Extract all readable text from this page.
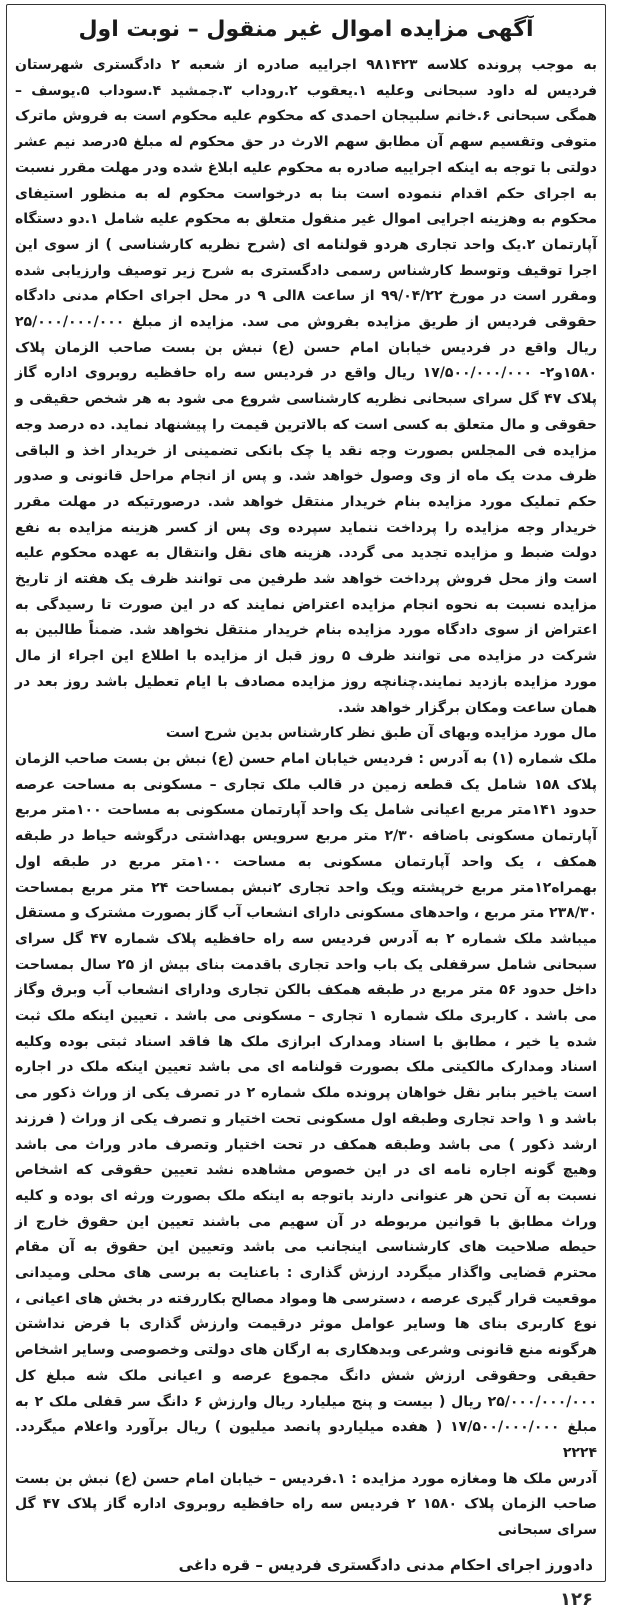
آگهی مزایده اموال غیر منقول – نوبت اول

به موجب پرونده کلاسه ۹۸۱۴۲۳ اجراییه صادره از شعبه ۲ دادگستری شهرستان فردیس له داود سبحانی وعلیه ۱.یعقوب ۲.روداب ۳.جمشید ۴.سوداب ۵.یوسف – همگی سبحانی ۶.خانم سلبیجان احمدی که محکوم علیه محکوم است به فروش ماترک متوفی وتقسیم سهم آن مطابق سهم الارث در حق محکوم له مبلغ ۵درصد نیم عشر دولتی با توجه به اینکه اجراییه صادره به محکوم علیه ابلاغ شده ودر مهلت مقرر نسبت به اجرای حکم اقدام ننموده است بنا به درخواست محکوم له به منظور استیفای محکوم به وهزینه اجرایی اموال غیر منقول متعلق به محکوم علیه شامل ۱.دو دستگاه آپارتمان ۲.یک واحد تجاری هردو قولنامه ای (شرح نظریه کارشناسی ) از سوی این اجرا توقیف وتوسط کارشناس رسمی دادگستری به شرح زیر توصیف وارزیابی شده ومقرر است در مورخ ۹۹/۰۴/۲۲ از ساعت ۸الی ۹ در محل اجرای احکام مدنی دادگاه حقوقی فردیس از طریق مزایده بفروش می سد. مزایده از مبلغ ۲۵/۰۰۰/۰۰۰/۰۰۰ ریال واقع در فردیس خیابان امام حسن (ع) نبش بن بست صاحب الزمان پلاک ۱۵۸۰و۲- ۱۷/۵۰۰/۰۰۰/۰۰۰ ریال واقع در فردیس سه راه حافظیه روبروی اداره گاز پلاک ۴۷ گل سرای سبحانی نظریه کارشناسی شروع می شود به هر شخص حقیقی و حقوقی و مال متعلق به کسی است که بالاترین قیمت را پیشنهاد نماید. ده درصد وجه مزایده فی المجلس بصورت وجه نقد یا چک بانکی تضمینی از خریدار اخذ و الباقی ظرف مدت یک ماه از وی وصول خواهد شد. و پس از انجام مراحل قانونی و صدور حکم تملیک مورد مزایده بنام خریدار منتقل خواهد شد. درصورتیکه در مهلت مقرر خریدار وجه مزایده را پرداخت ننماید سپرده وی پس از کسر هزینه مزایده به نفع دولت ضبط و مزایده تجدید می گردد. هزینه های نقل وانتقال به عهده محکوم علیه است واز محل فروش پرداخت خواهد شد طرفین می توانند ظرف یک هفته از تاریخ مزایده نسبت به نحوه انجام مزایده اعتراض نمایند که در این صورت تا رسیدگی به اعتراض از سوی دادگاه مورد مزایده بنام خریدار منتقل نخواهد شد. ضمناً طالبین به شرکت در مزایده می توانند ظرف ۵ روز قبل از مزایده با اطلاع این اجراء از مال مورد مزایده بازدید نمایند.چنانچه روز مزایده مصادف با ایام تعطیل باشد روز بعد در همان ساعت ومکان برگزار خواهد شد.

مال مورد مزایده وبهای آن طبق نظر کارشناس بدین شرح است

ملک شماره (۱) به آدرس : فردیس خیابان امام حسن (ع) نبش بن بست صاحب الزمان پلاک ۱۵۸ شامل یک قطعه زمین در قالب ملک تجاری – مسکونی به مساحت عرصه حدود ۱۴۱متر مربع اعیانی شامل یک واحد آپارتمان مسکونی به مساحت ۱۰۰متر مربع آپارتمان مسکونی باضافه ۲/۳۰ متر مربع سرویس بهداشتی درگوشه حیاط در طبقه همکف ، یک واحد آپارتمان مسکونی به مساحت ۱۰۰متر مربع در طبقه اول بهمراه۱۲متر مربع خرپشته ویک واحد تجاری ۲نبش بمساحت ۲۴ متر مربع بمساحت ۲۳۸/۳۰ متر مربع ، واحدهای مسکونی دارای انشعاب آب گاز بصورت مشترک و مستقل میباشد ملک شماره ۲ به آدرس فردیس سه راه حافظیه پلاک شماره ۴۷ گل سرای سبحانی شامل سرقفلی یک باب واحد تجاری باقدمت بنای بیش از ۲۵ سال بمساحت داخل حدود ۵۶ متر مربع در طبقه همکف بالکن تجاری ودارای انشعاب آب وبرق وگاز می باشد . کاربری ملک شماره ۱ تجاری – مسکونی می باشد . تعیین اینکه ملک ثبت شده یا خیر ، مطابق با اسناد ومدارک ابرازی ملک ها فاقد اسناد ثبتی بوده وکلیه اسناد ومدارک مالکیتی ملک بصورت قولنامه ای می باشد تعیین اینکه ملک در اجاره است یاخیر بنابر نقل خواهان پرونده ملک شماره ۲ در تصرف یکی از وراث ذکور می باشد و ۱ واحد تجاری وطبقه اول مسکونی تحت اختیار و تصرف یکی از وراث ( فرزند ارشد ذکور ) می باشد وطبقه همکف در تحت اختیار وتصرف مادر وراث می باشد وهیچ گونه اجاره نامه ای در این خصوص مشاهده نشد تعیین حقوقی که اشخاص نسبت به آن تحن هر عنوانی دارند باتوجه به اینکه ملک بصورت ورثه ای بوده و کلیه وراث مطابق با قوانین مربوطه در آن سهیم می باشند تعیین این حقوق خارج از حیطه صلاحیت های کارشناسی اینجانب می باشد وتعیین این حقوق به آن مقام محترم قضایی واگذار میگردد ارزش گذاری : باعنایت به برسی های محلی ومیدانی موقعیت قرار گیری عرصه ، دسترسی ها ومواد مصالح بکاررفته در بخش های اعیانی ، نوع کاربری بنای ها وسایر عوامل موثر درقیمت وارزش گذاری با فرض نداشتن هرگونه منع قانونی وشرعی وبدهکاری به ارگان های دولتی وخصوصی وسایر اشخاص حقیقی وحقوقی ارزش شش دانگ مجموع عرصه و اعیانی ملک شه مبلغ کل ۲۵/۰۰۰/۰۰۰/۰۰۰ ریال ( بیست و پنج میلیارد ریال وارزش ۶ دانگ سر قفلی ملک ۲ به مبلغ ۱۷/۵۰۰/۰۰۰/۰۰۰ ( هفده میلیاردو پانصد میلیون ) ریال برآورد واعلام میگردد. ۲۲۲۴

آدرس ملک ها ومغازه مورد مزایده : ۱.فردیس – خیابان امام حسن (ع) نبش بن بست صاحب الزمان پلاک ۱۵۸۰ ۲ فردیس سه راه حافظیه روبروی اداره گاز پلاک ۴۷ گل سرای سبحانی

دادورز اجرای احکام مدنی دادگستری فردیس – قره داغی
۱۲۶
